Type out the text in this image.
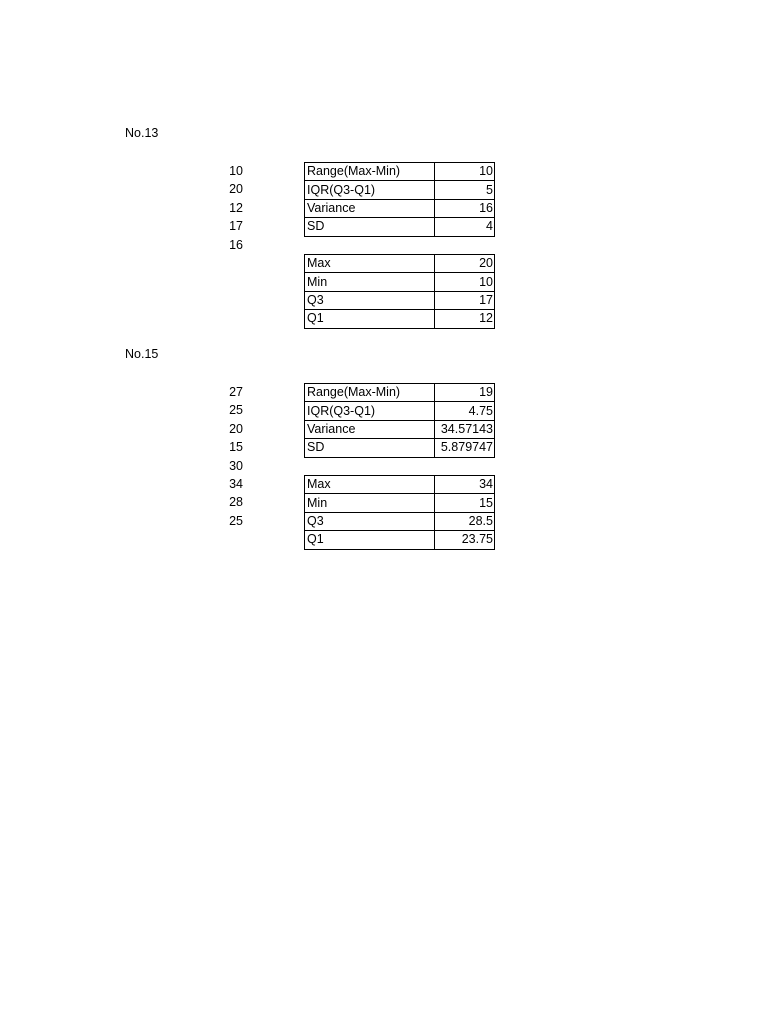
No.13
10
20
12
17
16
Range(Max-Min)	10
IQR(Q3-Q1)	5
Variance	16
SD	4
Max	20
Min	10
Q3	17
Q1	12
No.15
27
25
20
15
30
34
28
25
Range(Max-Min)	19
IQR(Q3-Q1)	4.75
Variance	34.57143
SD	5.879747
Max	34
Min	15
Q3	28.5
Q1	23.75
